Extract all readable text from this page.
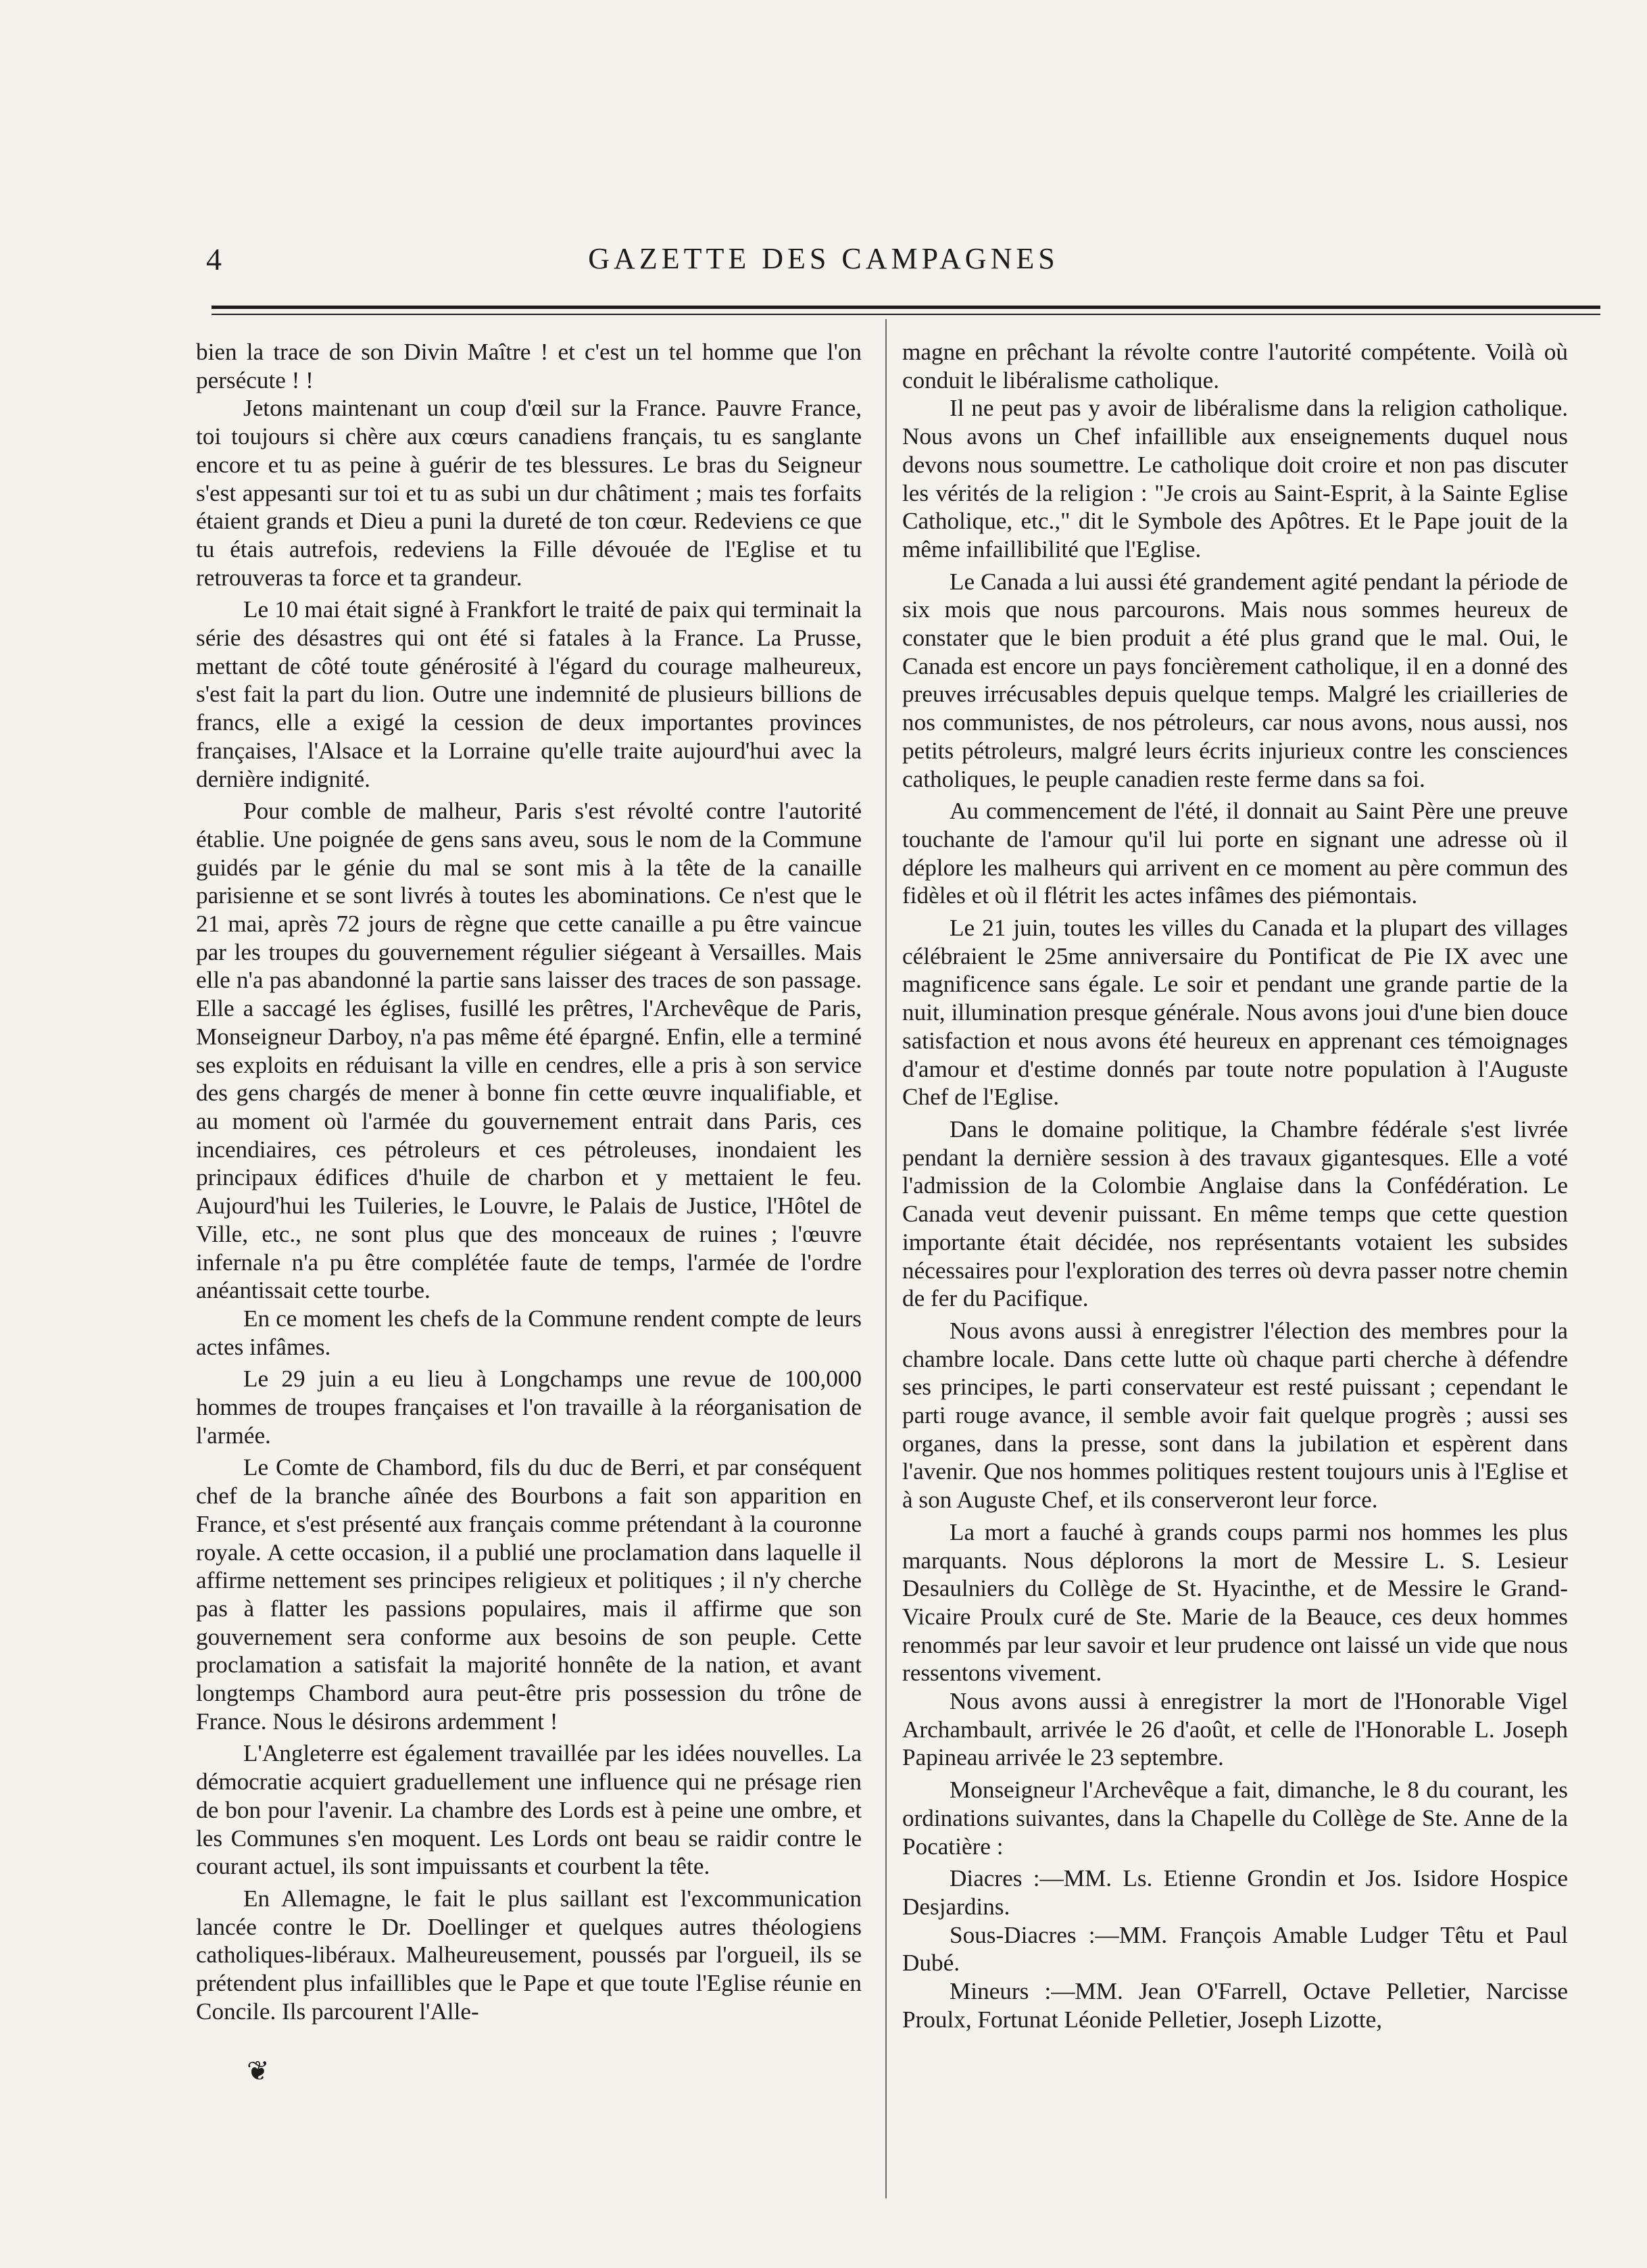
4	GAZETTE DES CAMPAGNES

bien la trace de son Divin Maître ! et c'est un tel homme que l'on persécute ! !

Jetons maintenant un coup d'œil sur la France. Pauvre France, toi toujours si chère aux cœurs canadiens français, tu es sanglante encore et tu as peine à guérir de tes blessures. Le bras du Seigneur s'est appesanti sur toi et tu as subi un dur châtiment ; mais tes forfaits étaient grands et Dieu a puni la dureté de ton cœur. Redeviens ce que tu étais autrefois, redeviens la Fille dévouée de l'Eglise et tu retrouveras ta force et ta grandeur.

Le 10 mai était signé à Frankfort le traité de paix qui terminait la série des désastres qui ont été si fatales à la France. La Prusse, mettant de côté toute générosité à l'égard du courage malheureux, s'est fait la part du lion. Outre une indemnité de plusieurs billions de francs, elle a exigé la cession de deux importantes provinces françaises, l'Alsace et la Lorraine qu'elle traite aujourd'hui avec la dernière indignité.

Pour comble de malheur, Paris s'est révolté contre l'autorité établie. Une poignée de gens sans aveu, sous le nom de la Commune guidés par le génie du mal se sont mis à la tête de la canaille parisienne et se sont livrés à toutes les abominations. Ce n'est que le 21 mai, après 72 jours de règne que cette canaille a pu être vaincue par les troupes du gouvernement régulier siégeant à Versailles. Mais elle n'a pas abandonné la partie sans laisser des traces de son passage. Elle a saccagé les églises, fusillé les prêtres, l'Archevêque de Paris, Monseigneur Darboy, n'a pas même été épargné. Enfin, elle a terminé ses exploits en réduisant la ville en cendres, elle a pris à son service des gens chargés de mener à bonne fin cette œuvre inqualifiable, et au moment où l'armée du gouvernement entrait dans Paris, ces incendiaires, ces pétroleurs et ces pétroleuses, inondaient les principaux édifices d'huile de charbon et y mettaient le feu. Aujourd'hui les Tuileries, le Louvre, le Palais de Justice, l'Hôtel de Ville, etc., ne sont plus que des monceaux de ruines ; l'œuvre infernale n'a pu être complétée faute de temps, l'armée de l'ordre anéantissait cette tourbe.

En ce moment les chefs de la Commune rendent compte de leurs actes infâmes.

Le 29 juin a eu lieu à Longchamps une revue de 100,000 hommes de troupes françaises et l'on travaille à la réorganisation de l'armée.

Le Comte de Chambord, fils du duc de Berri, et par conséquent chef de la branche aînée des Bourbons a fait son apparition en France, et s'est présenté aux français comme prétendant à la couronne royale. A cette occasion, il a publié une proclamation dans laquelle il affirme nettement ses principes religieux et politiques ; il n'y cherche pas à flatter les passions populaires, mais il affirme que son gouvernement sera conforme aux besoins de son peuple. Cette proclamation a satisfait la majorité honnête de la nation, et avant longtemps Chambord aura peut-être pris possession du trône de France. Nous le désirons ardemment !

L'Angleterre est également travaillée par les idées nouvelles. La démocratie acquiert graduellement une influence qui ne présage rien de bon pour l'avenir. La chambre des Lords est à peine une ombre, et les Communes s'en moquent. Les Lords ont beau se raidir contre le courant actuel, ils sont impuissants et courbent la tête.

En Allemagne, le fait le plus saillant est l'excommunication lancée contre le Dr. Doellinger et quelques autres théologiens catholiques-libéraux. Malheureusement, poussés par l'orgueil, ils se prétendent plus infaillibles que le Pape et que toute l'Eglise réunie en Concile. Ils parcourent l'Alle-

magne en prêchant la révolte contre l'autorité compétente. Voilà où conduit le libéralisme catholique.

Il ne peut pas y avoir de libéralisme dans la religion catholique. Nous avons un Chef infaillible aux enseignements duquel nous devons nous soumettre. Le catholique doit croire et non pas discuter les vérités de la religion : "Je crois au Saint-Esprit, à la Sainte Eglise Catholique, etc.," dit le Symbole des Apôtres. Et le Pape jouit de la même infaillibilité que l'Eglise.

Le Canada a lui aussi été grandement agité pendant la période de six mois que nous parcourons. Mais nous sommes heureux de constater que le bien produit a été plus grand que le mal. Oui, le Canada est encore un pays foncièrement catholique, il en a donné des preuves irrécusables depuis quelque temps. Malgré les criailleries de nos communistes, de nos pétroleurs, car nous avons, nous aussi, nos petits pétroleurs, malgré leurs écrits injurieux contre les consciences catholiques, le peuple canadien reste ferme dans sa foi.

Au commencement de l'été, il donnait au Saint Père une preuve touchante de l'amour qu'il lui porte en signant une adresse où il déplore les malheurs qui arrivent en ce moment au père commun des fidèles et où il flétrit les actes infâmes des piémontais.

Le 21 juin, toutes les villes du Canada et la plupart des villages célébraient le 25me anniversaire du Pontificat de Pie IX avec une magnificence sans égale. Le soir et pendant une grande partie de la nuit, illumination presque générale. Nous avons joui d'une bien douce satisfaction et nous avons été heureux en apprenant ces témoignages d'amour et d'estime donnés par toute notre population à l'Auguste Chef de l'Eglise.

Dans le domaine politique, la Chambre fédérale s'est livrée pendant la dernière session à des travaux gigantesques. Elle a voté l'admission de la Colombie Anglaise dans la Confédération. Le Canada veut devenir puissant. En même temps que cette question importante était décidée, nos représentants votaient les subsides nécessaires pour l'exploration des terres où devra passer notre chemin de fer du Pacifique.

Nous avons aussi à enregistrer l'élection des membres pour la chambre locale. Dans cette lutte où chaque parti cherche à défendre ses principes, le parti conservateur est resté puissant ; cependant le parti rouge avance, il semble avoir fait quelque progrès ; aussi ses organes, dans la presse, sont dans la jubilation et espèrent dans l'avenir. Que nos hommes politiques restent toujours unis à l'Eglise et à son Auguste Chef, et ils conserveront leur force.

La mort a fauché à grands coups parmi nos hommes les plus marquants. Nous déplorons la mort de Messire L. S. Lesieur Desaulniers du Collège de St. Hyacinthe, et de Messire le Grand-Vicaire Proulx curé de Ste. Marie de la Beauce, ces deux hommes renommés par leur savoir et leur prudence ont laissé un vide que nous ressentons vivement.

Nous avons aussi à enregistrer la mort de l'Honorable Vigel Archambault, arrivée le 26 d'août, et celle de l'Honorable L. Joseph Papineau arrivée le 23 septembre.

Monseigneur l'Archevêque a fait, dimanche, le 8 du courant, les ordinations suivantes, dans la Chapelle du Collège de Ste. Anne de la Pocatière :

Diacres :—MM. Ls. Etienne Grondin et Jos. Isidore Hospice Desjardins.

Sous-Diacres :—MM. François Amable Ludger Têtu et Paul Dubé.

Mineurs :—MM. Jean O'Farrell, Octave Pelletier, Narcisse Proulx, Fortunat Léonide Pelletier, Joseph Lizotte,

❦
